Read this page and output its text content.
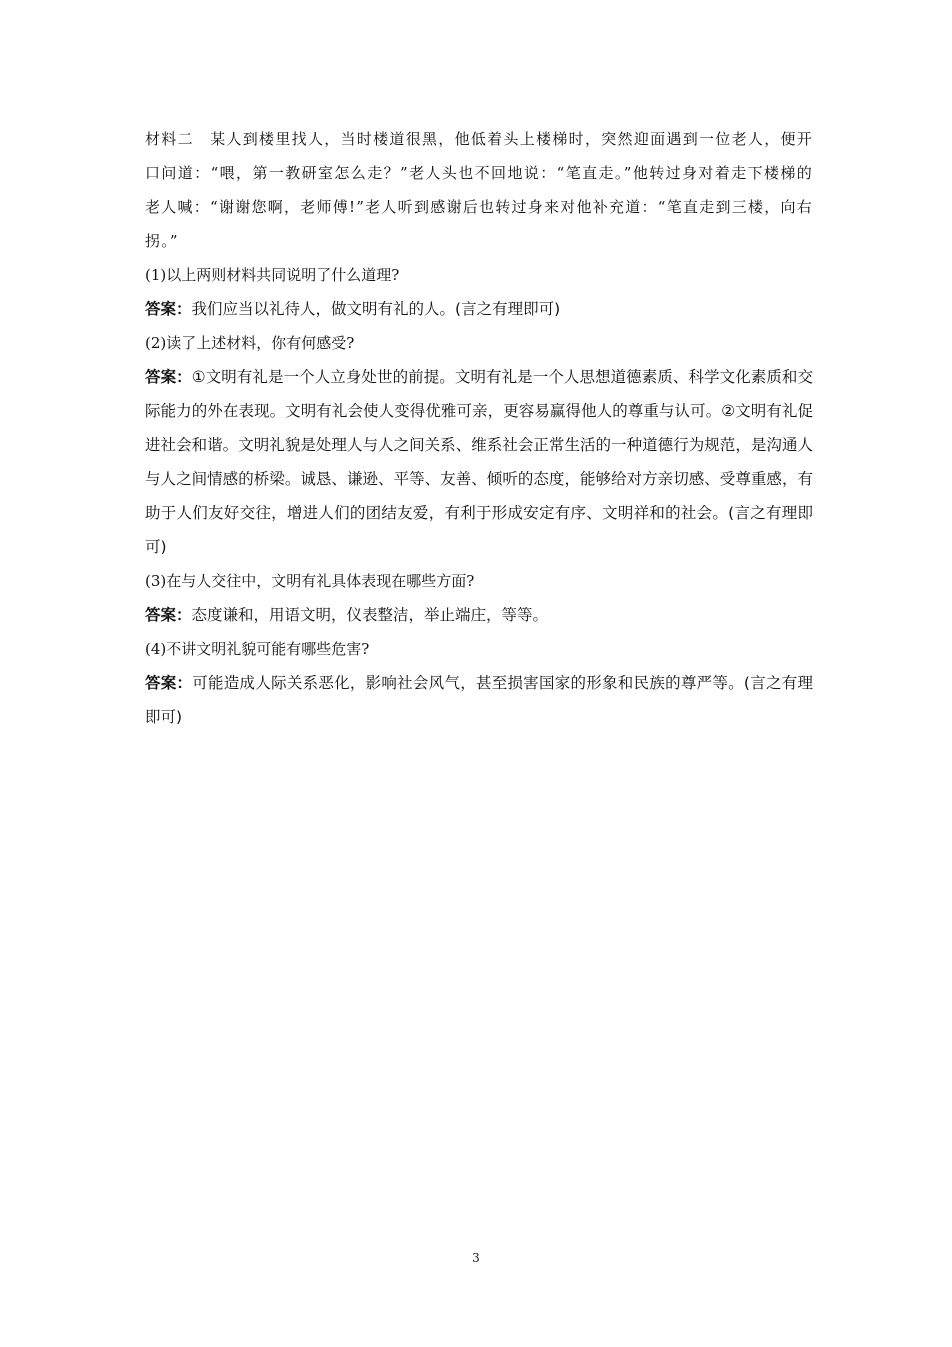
材料二　某人到楼里找人，当时楼道很黑，他低着头上楼梯时，突然迎面遇到一位老人，便开口问道：“喂，第一教研室怎么走？”老人头也不回地说：“笔直走。”他转过身对着走下楼梯的老人喊：“谢谢您啊，老师傅!”老人听到感谢后也转过身来对他补充道：“笔直走到三楼，向右拐。”

(1)以上两则材料共同说明了什么道理?

答案：我们应当以礼待人，做文明有礼的人。(言之有理即可)

(2)读了上述材料，你有何感受?

答案：①文明有礼是一个人立身处世的前提。文明有礼是一个人思想道德素质、科学文化素质和交际能力的外在表现。文明有礼会使人变得优雅可亲，更容易赢得他人的尊重与认可。②文明有礼促进社会和谐。文明礼貌是处理人与人之间关系、维系社会正常生活的一种道德行为规范，是沟通人与人之间情感的桥梁。诚恳、谦逊、平等、友善、倾听的态度，能够给对方亲切感、受尊重感，有助于人们友好交往，增进人们的团结友爱，有利于形成安定有序、文明祥和的社会。(言之有理即可)

(3)在与人交往中，文明有礼具体表现在哪些方面?

答案：态度谦和，用语文明，仪表整洁，举止端庄，等等。

(4)不讲文明礼貌可能有哪些危害?

答案：可能造成人际关系恶化，影响社会风气，甚至损害国家的形象和民族的尊严等。(言之有理即可)

3
